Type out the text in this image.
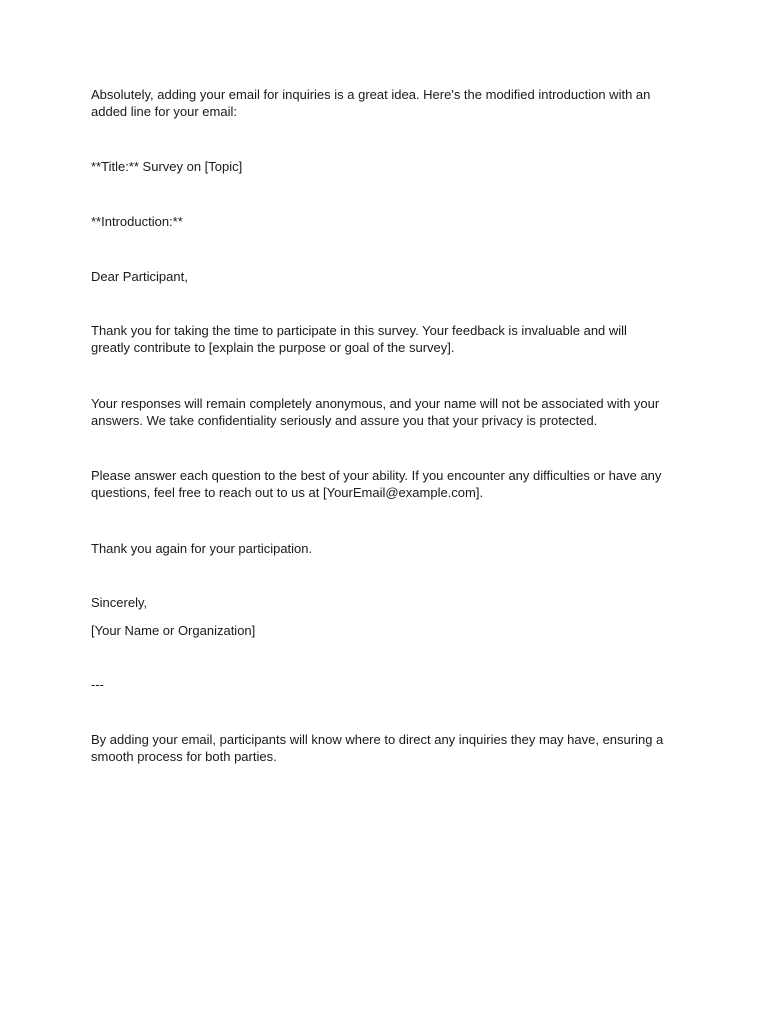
Absolutely, adding your email for inquiries is a great idea. Here's the modified introduction with an
added line for your email:

**Title:** Survey on [Topic]

**Introduction:**

Dear Participant,

Thank you for taking the time to participate in this survey. Your feedback is invaluable and will
greatly contribute to [explain the purpose or goal of the survey].

Your responses will remain completely anonymous, and your name will not be associated with your
answers. We take confidentiality seriously and assure you that your privacy is protected.

Please answer each question to the best of your ability. If you encounter any difficulties or have any
questions, feel free to reach out to us at [YourEmail@example.com].

Thank you again for your participation.

Sincerely,

[Your Name or Organization]

---

By adding your email, participants will know where to direct any inquiries they may have, ensuring a
smooth process for both parties.
